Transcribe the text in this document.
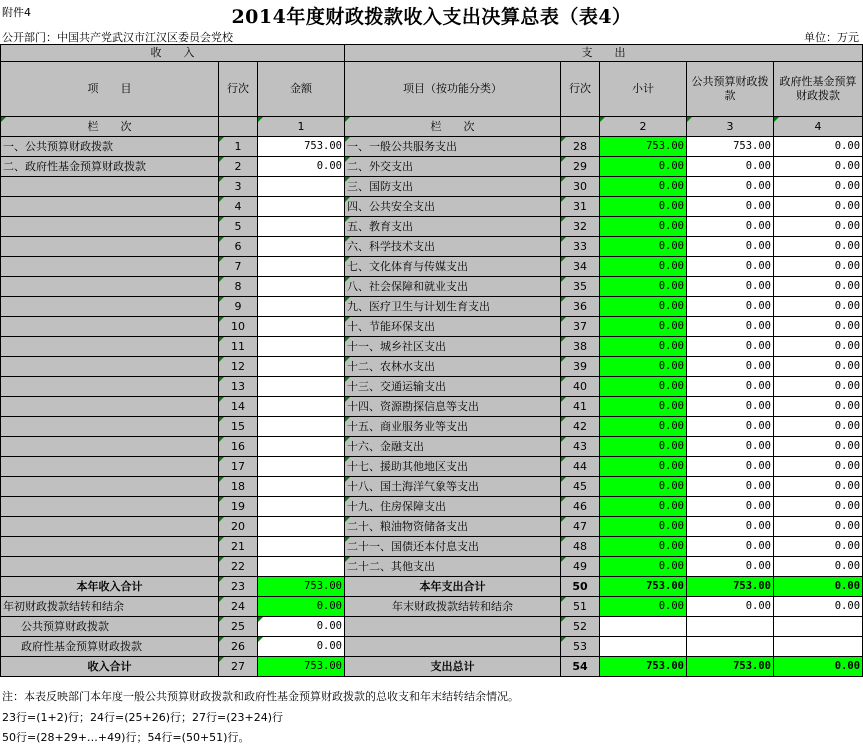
附件4	2014年度财政拨款收入支出决算总表（表4）
公开部门：中国共产党武汉市江汉区委员会党校	单位：万元
收　　入			支　　出				
项　　目	行次	金额	项目（按功能分类）	行次	小计	公共预算财政拨款	政府性基金预算财政拨款
栏　　次		1	栏　　次		2	3	4
一、公共预算财政拨款	1	753.00	一、一般公共服务支出	28	753.00	753.00	0.00
二、政府性基金预算财政拨款	2	0.00	二、外交支出	29	0.00	0.00	0.00
	3		三、国防支出	30	0.00	0.00	0.00
	4		四、公共安全支出	31	0.00	0.00	0.00
	5		五、教育支出	32	0.00	0.00	0.00
	6		六、科学技术支出	33	0.00	0.00	0.00
	7		七、文化体育与传媒支出	34	0.00	0.00	0.00
	8		八、社会保障和就业支出	35	0.00	0.00	0.00
	9		九、医疗卫生与计划生育支出	36	0.00	0.00	0.00
	10		十、节能环保支出	37	0.00	0.00	0.00
	11		十一、城乡社区支出	38	0.00	0.00	0.00
	12		十二、农林水支出	39	0.00	0.00	0.00
	13		十三、交通运输支出	40	0.00	0.00	0.00
	14		十四、资源勘探信息等支出	41	0.00	0.00	0.00
	15		十五、商业服务业等支出	42	0.00	0.00	0.00
	16		十六、金融支出	43	0.00	0.00	0.00
	17		十七、援助其他地区支出	44	0.00	0.00	0.00
	18		十八、国土海洋气象等支出	45	0.00	0.00	0.00
	19		十九、住房保障支出	46	0.00	0.00	0.00
	20		二十、粮油物资储备支出	47	0.00	0.00	0.00
	21		二十一、国债还本付息支出	48	0.00	0.00	0.00
	22		二十二、其他支出	49	0.00	0.00	0.00
本年收入合计	23	753.00	本年支出合计	50	753.00	753.00	0.00
年初财政拨款结转和结余	24	0.00	年末财政拨款结转和结余	51	0.00	0.00	0.00
公共预算财政拨款	25	0.00		52			
政府性基金预算财政拨款	26	0.00		53			
收入合计	27	753.00	支出总计	54	753.00	753.00	0.00
注：本表反映部门本年度一般公共预算财政拨款和政府性基金预算财政拨款的总收支和年末结转结余情况。
23行=(1+2)行；24行=(25+26)行；27行=(23+24)行
50行=(28+29+…+49)行；54行=(50+51)行。
